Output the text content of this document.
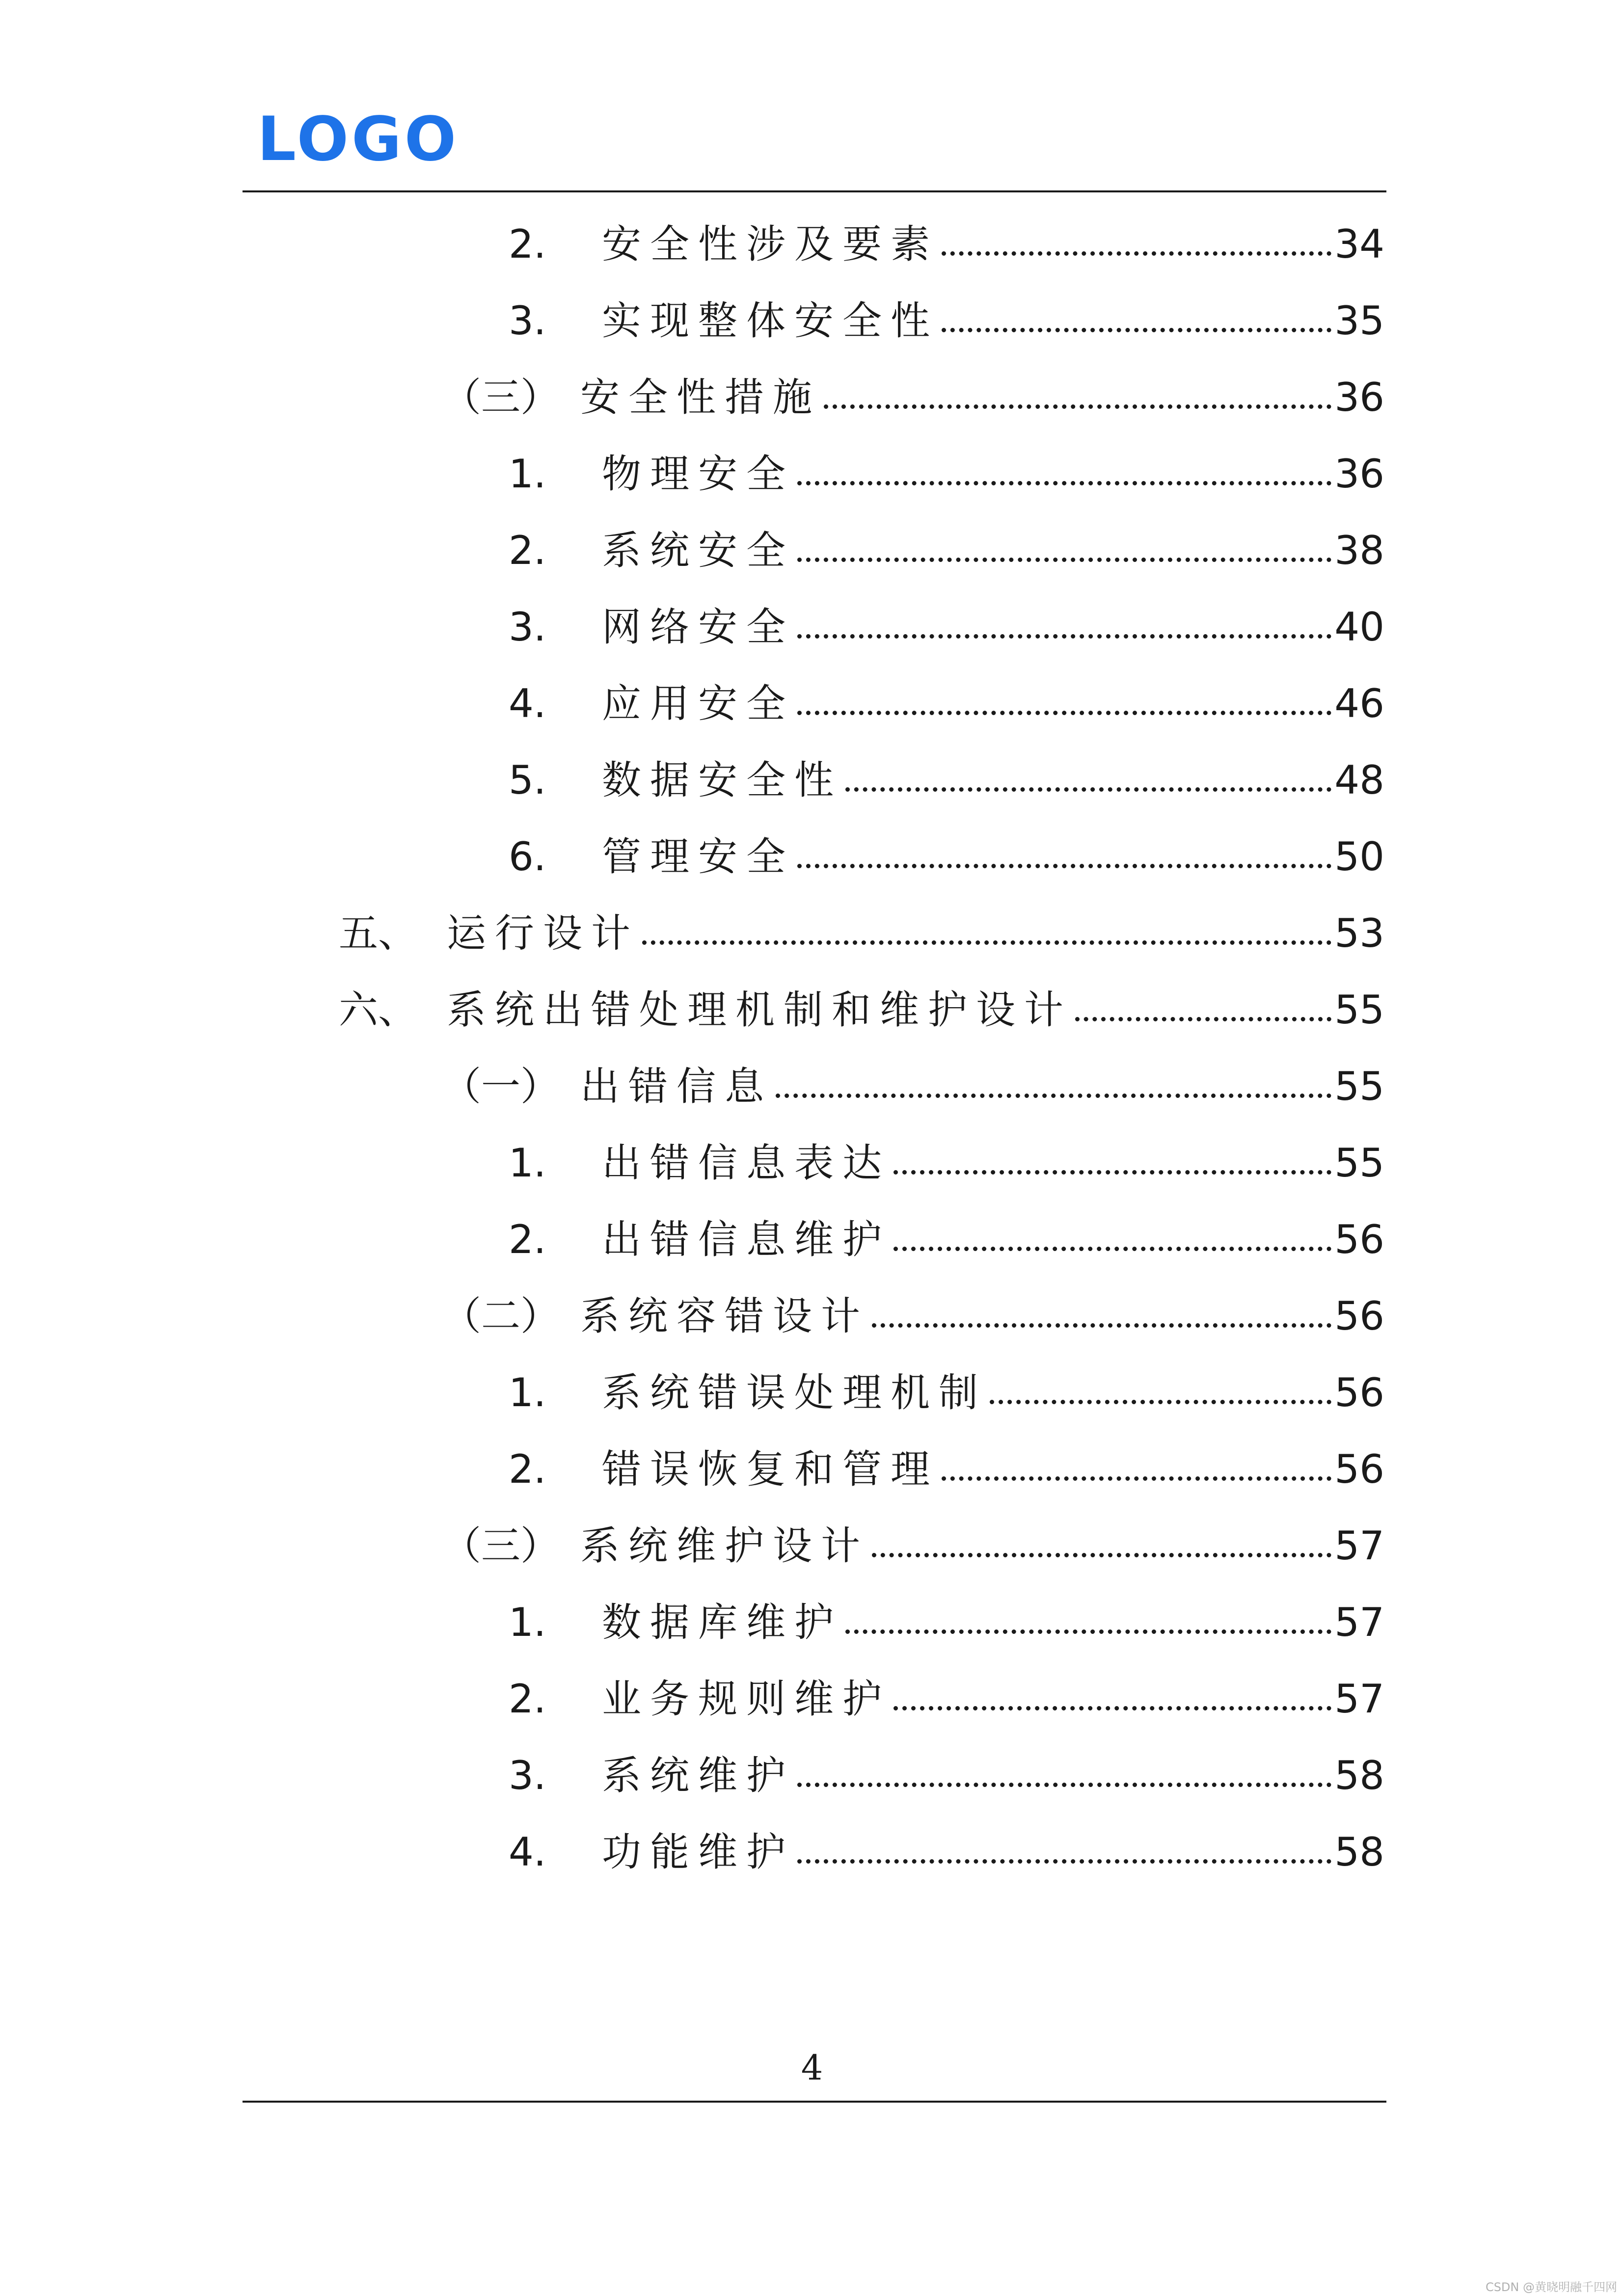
LOGO
2.	安全性涉及要素	34
3.	实现整体安全性	35
（三） 安全性措施	36
1.	物理安全	36
2.	系统安全	38
3.	网络安全	40
4.	应用安全	46
5.	数据安全性	48
6.	管理安全	50
五、 运行设计	53
六、 系统出错处理机制和维护设计	55
（一） 出错信息	55
1.	出错信息表达	55
2.	出错信息维护	56
（二） 系统容错设计	56
1.	系统错误处理机制	56
2.	错误恢复和管理	56
（三） 系统维护设计	57
1.	数据库维护	57
2.	业务规则维护	57
3.	系统维护	58
4.	功能维护	58
4
CSDN @黄晓明融千四网
